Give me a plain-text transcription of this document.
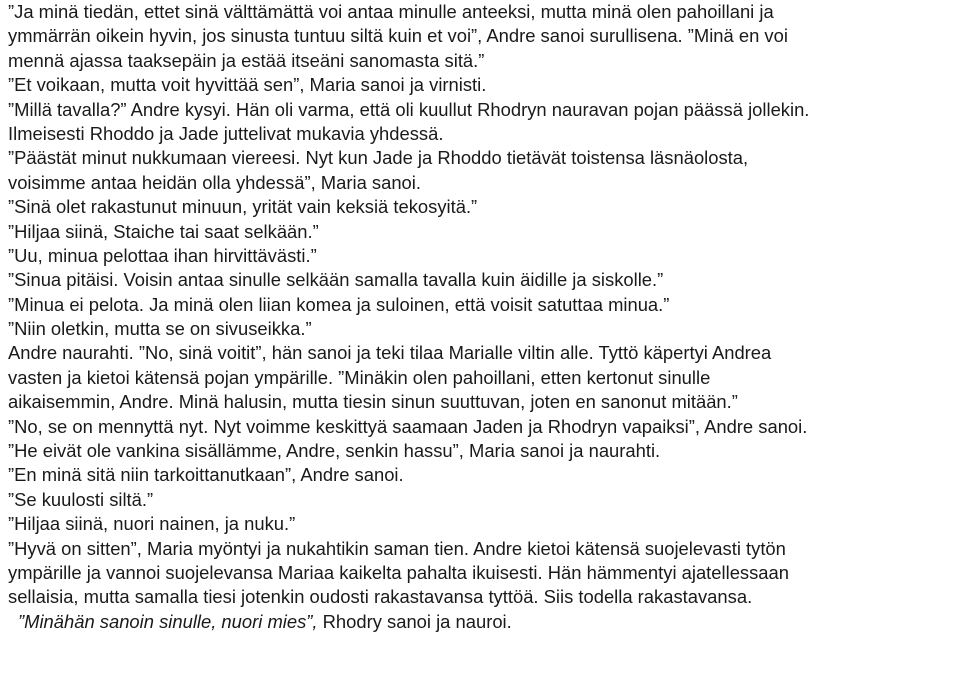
”Ja minä tiedän, ettet sinä välttämättä voi antaa minulle anteeksi, mutta minä olen pahoillani ja
ymmärrän oikein hyvin, jos sinusta tuntuu siltä kuin et voi”, Andre sanoi surullisena. ”Minä en voi
mennä ajassa taaksepäin ja estää itseäni sanomasta sitä.”
”Et voikaan, mutta voit hyvittää sen”, Maria sanoi ja virnisti.
”Millä tavalla?” Andre kysyi. Hän oli varma, että oli kuullut Rhodryn nauravan pojan päässä jollekin.
Ilmeisesti Rhoddo ja Jade juttelivat mukavia yhdessä.
”Päästät minut nukkumaan viereesi. Nyt kun Jade ja Rhoddo tietävät toistensa läsnäolosta,
voisimme antaa heidän olla yhdessä”, Maria sanoi.
”Sinä olet rakastunut minuun, yrität vain keksiä tekosyitä.”
”Hiljaa siinä, Staiche tai saat selkään.”
”Uu, minua pelottaa ihan hirvittävästi.”
”Sinua pitäisi. Voisin antaa sinulle selkään samalla tavalla kuin äidille ja siskolle.”
”Minua ei pelota. Ja minä olen liian komea ja suloinen, että voisit satuttaa minua.”
”Niin oletkin, mutta se on sivuseikka.”
Andre naurahti. ”No, sinä voitit”, hän sanoi ja teki tilaa Marialle viltin alle. Tyttö käpertyi Andrea
vasten ja kietoi kätensä pojan ympärille. ”Minäkin olen pahoillani, etten kertonut sinulle
aikaisemmin, Andre. Minä halusin, mutta tiesin sinun suuttuvan, joten en sanonut mitään.”
”No, se on mennyttä nyt. Nyt voimme keskittyä saamaan Jaden ja Rhodryn vapaiksi”, Andre sanoi.
”He eivät ole vankina sisällämme, Andre, senkin hassu”, Maria sanoi ja naurahti.
”En minä sitä niin tarkoittanutkaan”, Andre sanoi.
”Se kuulosti siltä.”
”Hiljaa siinä, nuori nainen, ja nuku.”
”Hyvä on sitten”, Maria myöntyi ja nukahtikin saman tien. Andre kietoi kätensä suojelevasti tytön
ympärille ja vannoi suojelevansa Mariaa kaikelta pahalta ikuisesti. Hän hämmentyi ajatellessaan
sellaisia, mutta samalla tiesi jotenkin oudosti rakastavansa tyttöä. Siis todella rakastavansa.
”Minähän sanoin sinulle, nuori mies”, Rhodry sanoi ja nauroi.
